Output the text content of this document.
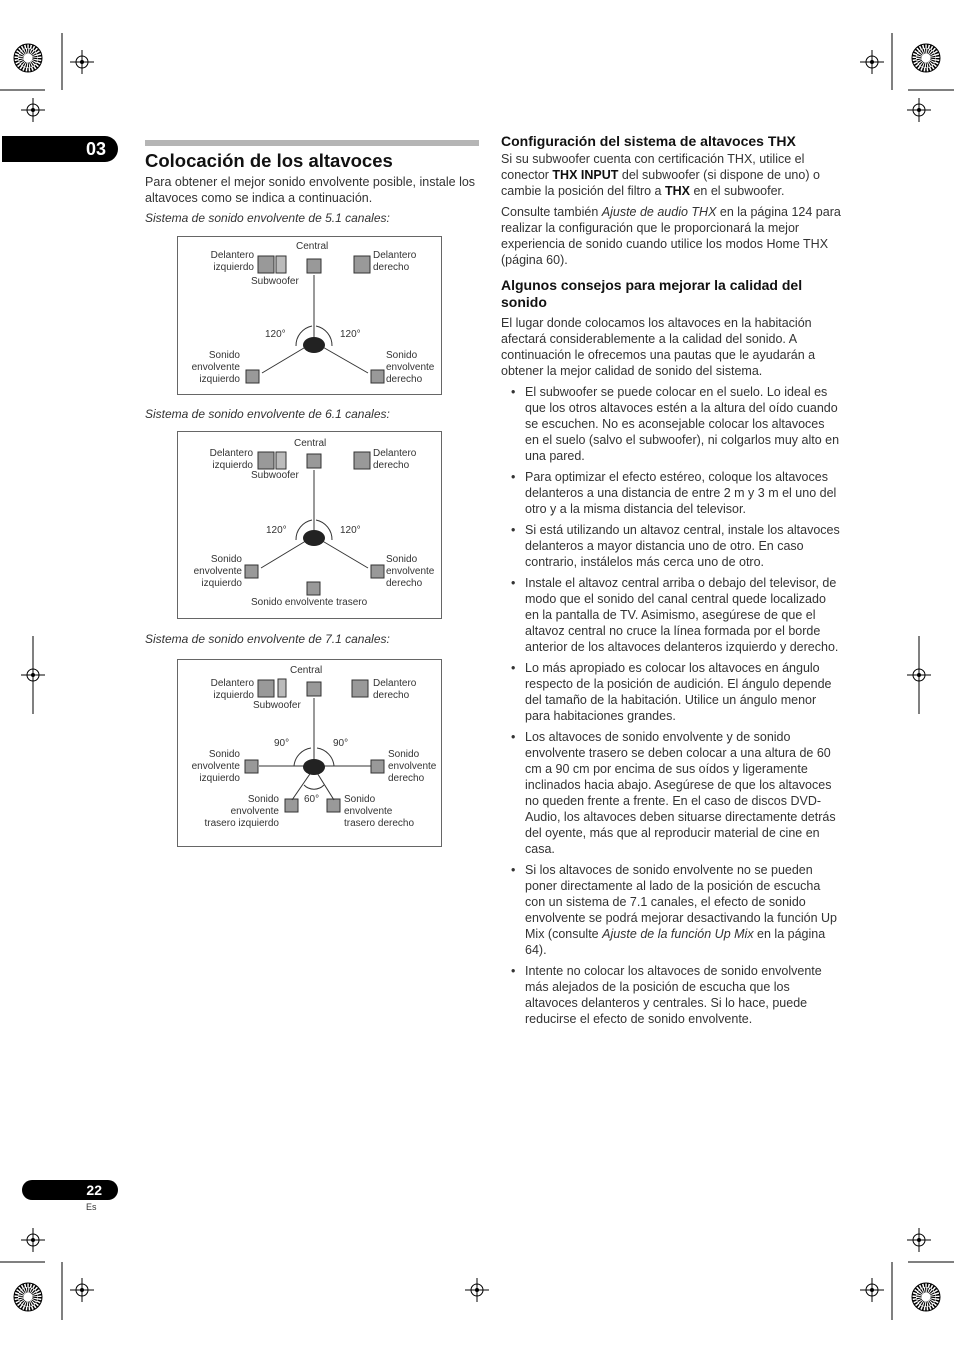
03
22
Es
Colocación de los altavoces
Para obtener el mejor sonido envolvente posible, instale los altavoces como se indica a continuación.
Sistema de sonido envolvente de 5.1 canales:
Central
Delantero
izquierdo
Delantero
derecho
Subwoofer
120°	120°
Sonido
envolvente
izquierdo
Sonido
envolvente
derecho
Sistema de sonido envolvente de 6.1 canales:
Central
Delantero
izquierdo
Delantero
derecho
Subwoofer
120°	120°
Sonido
envolvente
izquierdo
Sonido
envolvente
derecho
Sonido envolvente trasero
Sistema de sonido envolvente de 7.1 canales:
Central
Delantero
izquierdo
Delantero
derecho
Subwoofer
90°	90°
60°
Sonido
envolvente
izquierdo
Sonido
envolvente
derecho
Sonido
envolvente
trasero izquierdo
Sonido
envolvente
trasero derecho
Configuración del sistema de altavoces THX
Si su subwoofer cuenta con certificación THX, utilice el conector THX INPUT del subwoofer (si dispone de uno) o cambie la posición del filtro a THX en el subwoofer.
Consulte también Ajuste de audio THX en la página 124 para realizar la configuración que le proporcionará la mejor experiencia de sonido cuando utilice los modos Home THX (página 60).
Algunos consejos para mejorar la calidad del sonido
El lugar donde colocamos los altavoces en la habitación afectará considerablemente a la calidad del sonido. A continuación le ofrecemos una pautas que le ayudarán a obtener la mejor calidad de sonido del sistema.
• El subwoofer se puede colocar en el suelo. Lo ideal es que los otros altavoces estén a la altura del oído cuando se escuchen. No es aconsejable colocar los altavoces en el suelo (salvo el subwoofer), ni colgarlos muy alto en una pared.
• Para optimizar el efecto estéreo, coloque los altavoces delanteros a una distancia de entre 2 m y 3 m el uno del otro y a la misma distancia del televisor.
• Si está utilizando un altavoz central, instale los altavoces delanteros a mayor distancia uno de otro. En caso contrario, instálelos más cerca uno de otro.
• Instale el altavoz central arriba o debajo del televisor, de modo que el sonido del canal central quede localizado en la pantalla de TV. Asimismo, asegúrese de que el altavoz central no cruce la línea formada por el borde anterior de los altavoces delanteros izquierdo y derecho.
• Lo más apropiado es colocar los altavoces en ángulo respecto de la posición de audición. El ángulo depende del tamaño de la habitación. Utilice un ángulo menor para habitaciones grandes.
• Los altavoces de sonido envolvente y de sonido envolvente trasero se deben colocar a una altura de 60 cm a 90 cm por encima de sus oídos y ligeramente inclinados hacia abajo. Asegúrese de que los altavoces no queden frente a frente. En el caso de discos DVD-Audio, los altavoces deben situarse directamente detrás del oyente, más que al reproducir material de cine en casa.
• Si los altavoces de sonido envolvente no se pueden poner directamente al lado de la posición de escucha con un sistema de 7.1 canales, el efecto de sonido envolvente se podrá mejorar desactivando la función Up Mix (consulte Ajuste de la función Up Mix en la página 64).
• Intente no colocar los altavoces de sonido envolvente más alejados de la posición de escucha que los altavoces delanteros y centrales. Si lo hace, puede reducirse el efecto de sonido envolvente.
